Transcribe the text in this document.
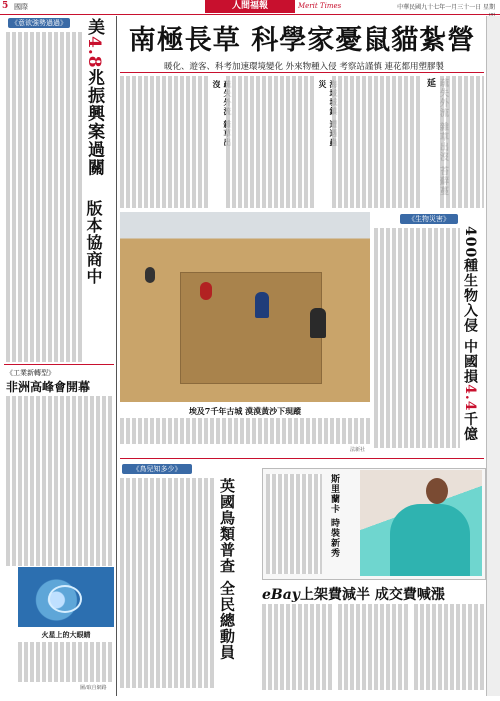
5 國際	人間福報	Merit Times	中華民國九十七年一月三十一日 星期
《意欲強勢過過》 美4.8兆振興案過關
版本協商中
《工業新轉型》
非洲高峰會開幕
火星上的大眼睛
圖/取自網路
南極長草 科學家憂鼠貓紮營
暖化、遊客、科考加速環境變化 外來物種入侵 考察站謹慎 連花都用塑膠製
沒	災	延
埃及7千年古城 漠漠黃沙下現蹤
法新社
《生物災害》
400種生物入侵 中國損4.4千億
《鳥兒知多少》
英國鳥類普查 全民總動員	斯里蘭卡 時裝新秀
eBay上架費減半 成交費喊漲
